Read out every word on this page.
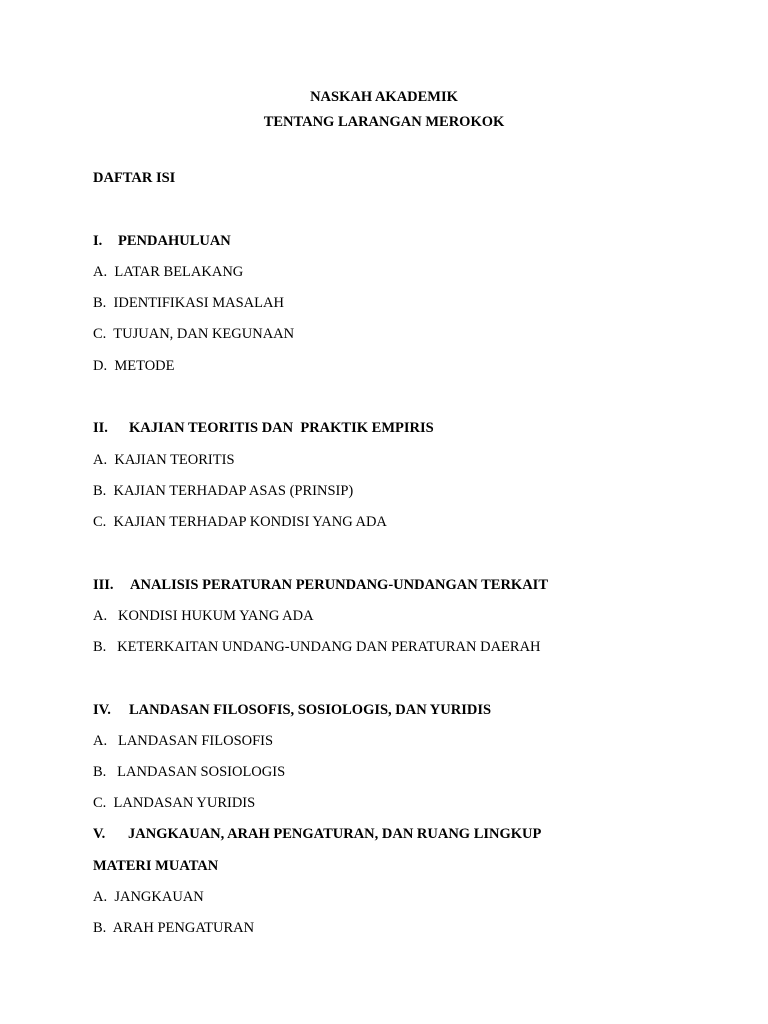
NASKAH AKADEMIK
TENTANG LARANGAN MEROKOK
DAFTAR ISI
I. PENDAHULUAN
A.  LATAR BELAKANG
B.  IDENTIFIKASI MASALAH
C.  TUJUAN, DAN KEGUNAAN
D.  METODE
II. KAJIAN TEORITIS DAN  PRAKTIK EMPIRIS
A.  KAJIAN TEORITIS
B.  KAJIAN TERHADAP ASAS (PRINSIP)
C.  KAJIAN TERHADAP KONDISI YANG ADA
III. ANALISIS PERATURAN PERUNDANG-UNDANGAN TERKAIT
A.   KONDISI HUKUM YANG ADA
B.   KETERKAITAN UNDANG-UNDANG DAN PERATURAN DAERAH
IV. LANDASAN FILOSOFIS, SOSIOLOGIS, DAN YURIDIS
A.   LANDASAN FILOSOFIS
B.   LANDASAN SOSIOLOGIS
C.  LANDASAN YURIDIS
V. JANGKAUAN, ARAH PENGATURAN, DAN RUANG LINGKUP
MATERI MUATAN
A.  JANGKAUAN
B.  ARAH PENGATURAN
